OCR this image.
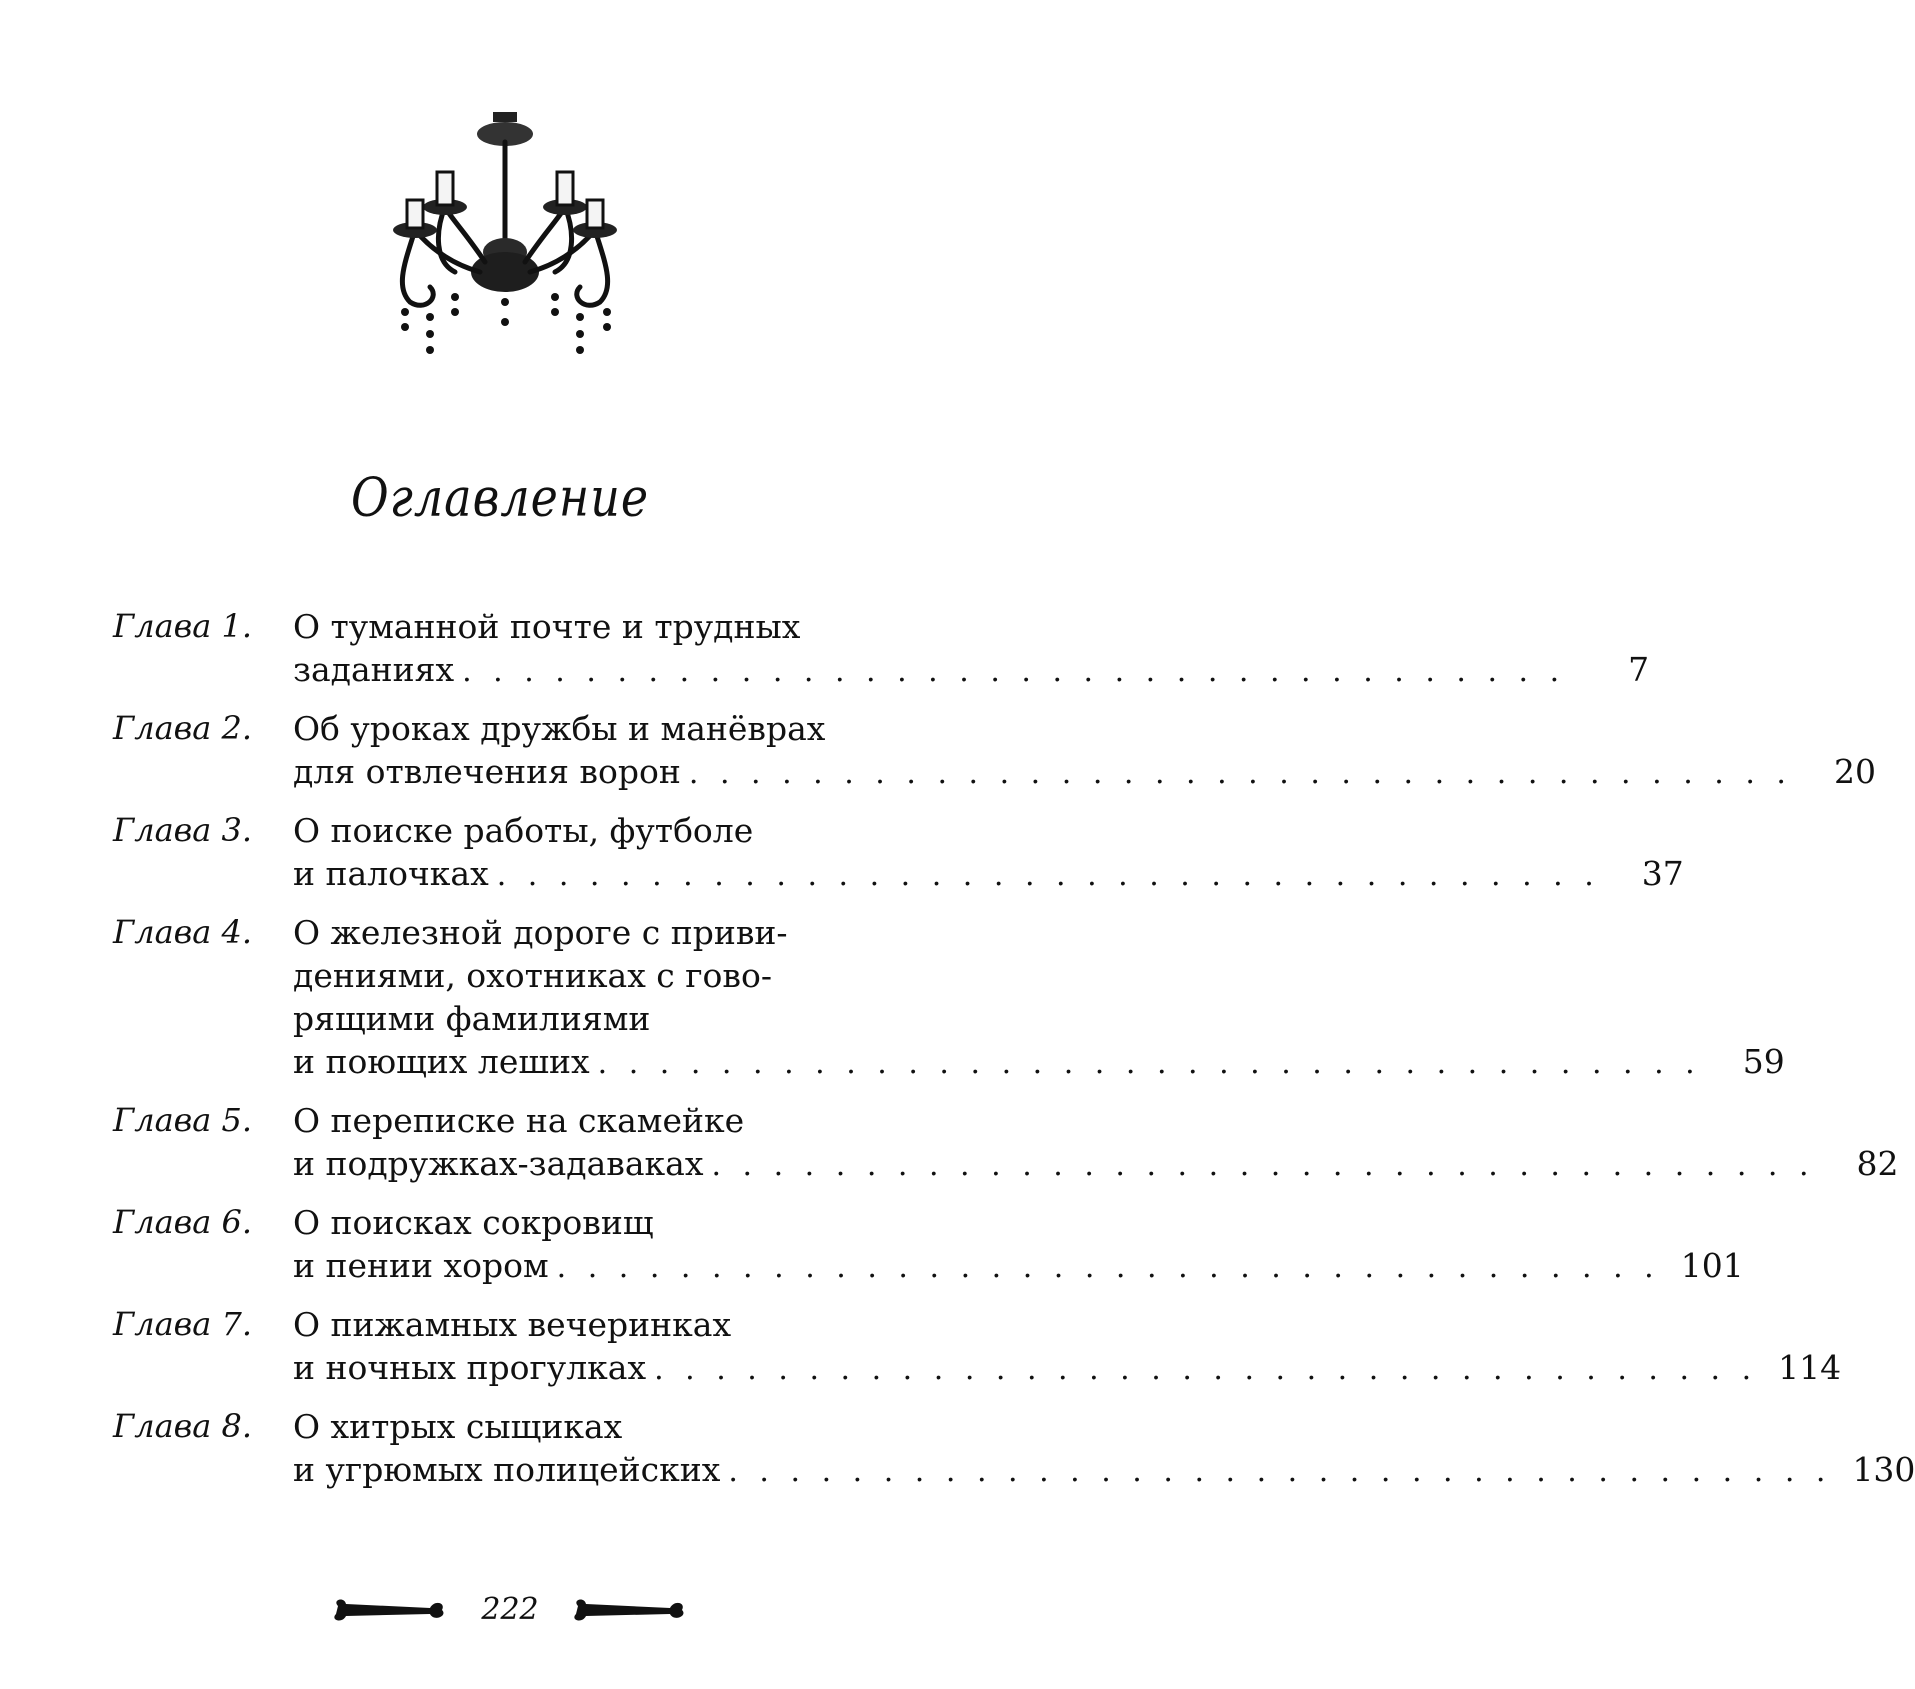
Оглавление
Глава 1.	О туманной почте и трудных
заданиях . . . . . . . . . . . . . . . . . . . . . . . . . . . . . . . . . . . .	7
Глава 2.	Об уроках дружбы и манёврах
для отвлечения ворон . . . . . . . . . . . . . . . . . . . . . . . . . . . . . . . . . . . .	20
Глава 3.	О поиске работы, футболе
и палочках . . . . . . . . . . . . . . . . . . . . . . . . . . . . . . . . . . . .	37
Глава 4.	О железной дороге с приви-
дениями, охотниках с гово-
рящими фамилиями
и поющих леших . . . . . . . . . . . . . . . . . . . . . . . . . . . . . . . . . . . .	59
Глава 5.	О переписке на скамейке
и подружках-задаваках . . . . . . . . . . . . . . . . . . . . . . . . . . . . . . . . . . . .	82
Глава 6.	О поисках сокровищ
и пении хором . . . . . . . . . . . . . . . . . . . . . . . . . . . . . . . . . . . . 101
Глава 7.	О пижамных вечеринках
и ночных прогулках . . . . . . . . . . . . . . . . . . . . . . . . . . . . . . . . . . . . 114
Глава 8.	О хитрых сыщиках
и угрюмых полицейских . . . . . . . . . . . . . . . . . . . . . . . . . . . . . . . . . . . . 130
222
